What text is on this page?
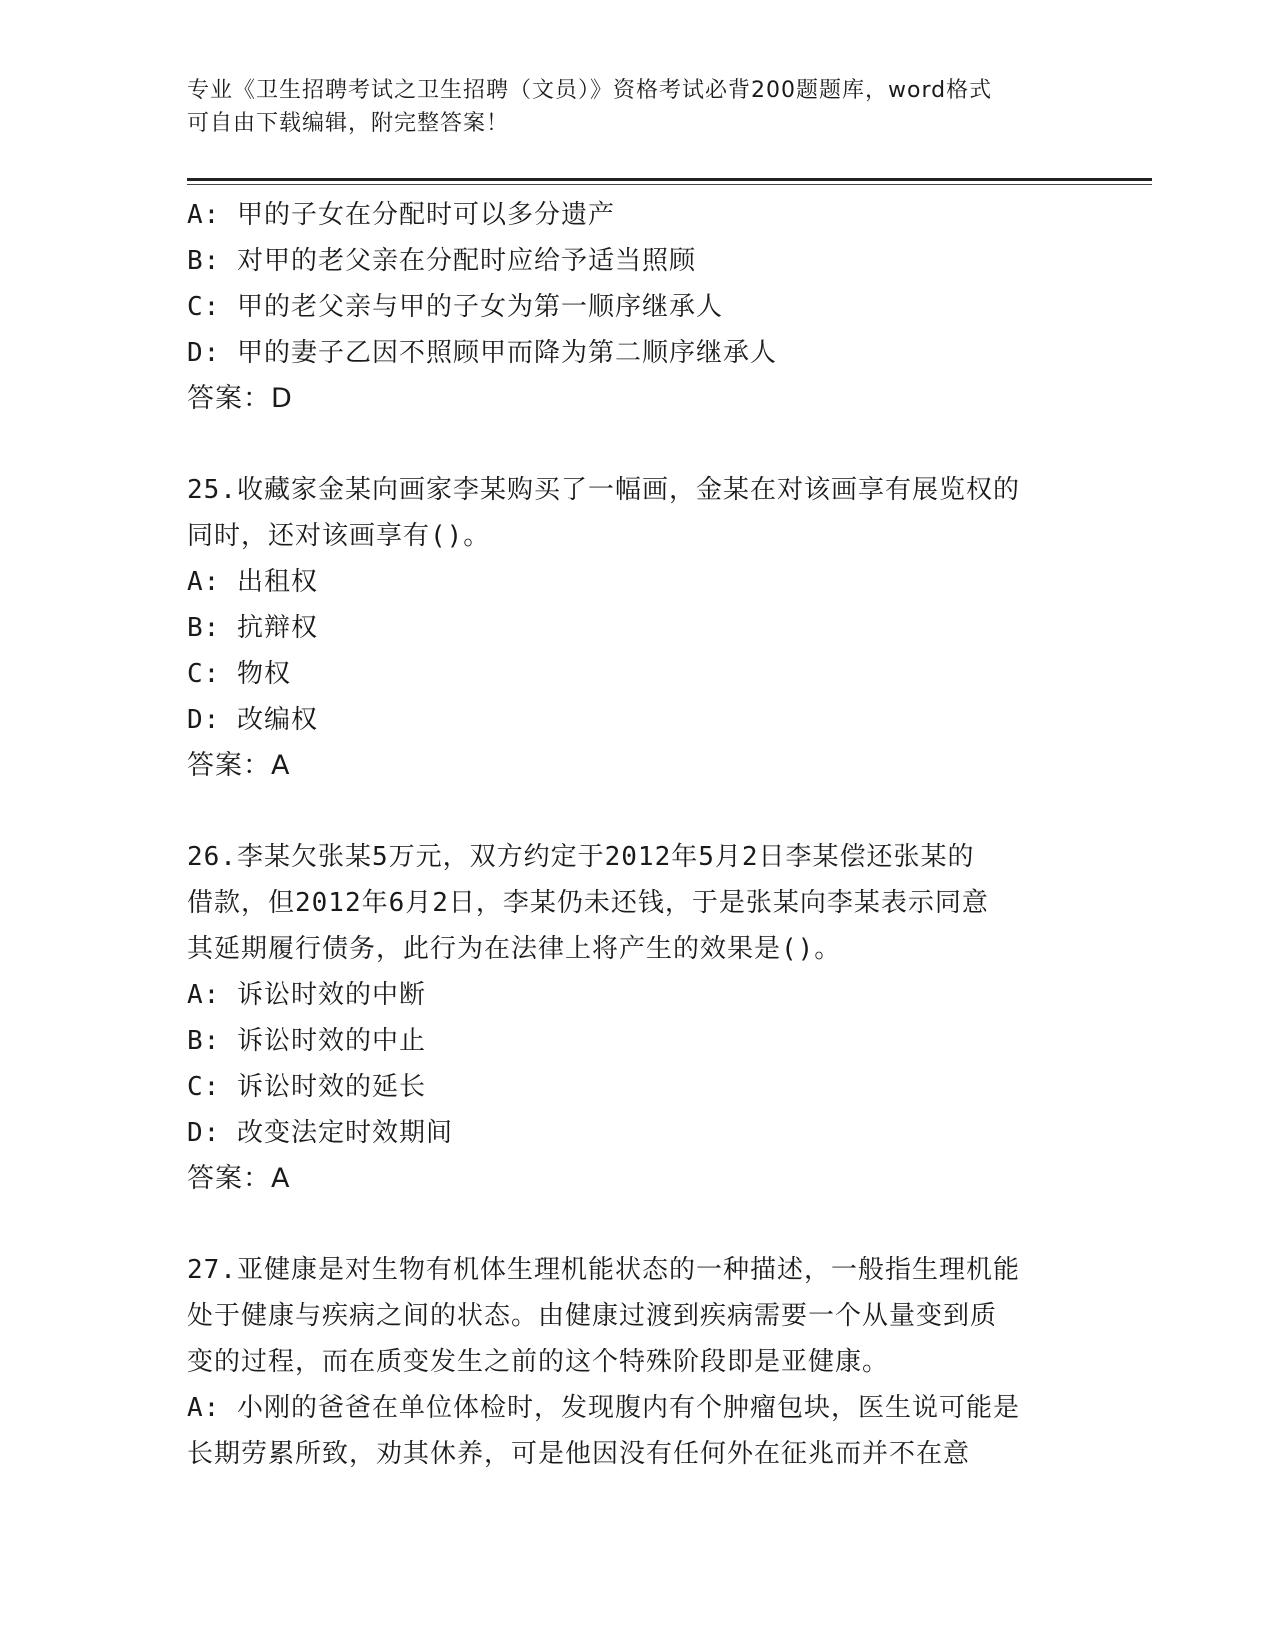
专业《卫生招聘考试之卫生招聘（文员）》资格考试必背200题题库，word格式
可自由下载编辑，附完整答案！
A: 甲的子女在分配时可以多分遗产
B: 对甲的老父亲在分配时应给予适当照顾
C: 甲的老父亲与甲的子女为第一顺序继承人
D: 甲的妻子乙因不照顾甲而降为第二顺序继承人
答案：D
25.收藏家金某向画家李某购买了一幅画，金某在对该画享有展览权的
同时，还对该画享有()。
A: 出租权
B: 抗辩权
C: 物权
D: 改编权
答案：A
26.李某欠张某5万元，双方约定于2012年5月2日李某偿还张某的
借款，但2012年6月2日，李某仍未还钱，于是张某向李某表示同意
其延期履行债务，此行为在法律上将产生的效果是()。
A: 诉讼时效的中断
B: 诉讼时效的中止
C: 诉讼时效的延长
D: 改变法定时效期间
答案：A
27.亚健康是对生物有机体生理机能状态的一种描述，一般指生理机能
处于健康与疾病之间的状态。由健康过渡到疾病需要一个从量变到质
变的过程，而在质变发生之前的这个特殊阶段即是亚健康。
A: 小刚的爸爸在单位体检时，发现腹内有个肿瘤包块，医生说可能是
长期劳累所致，劝其休养，可是他因没有任何外在征兆而并不在意
